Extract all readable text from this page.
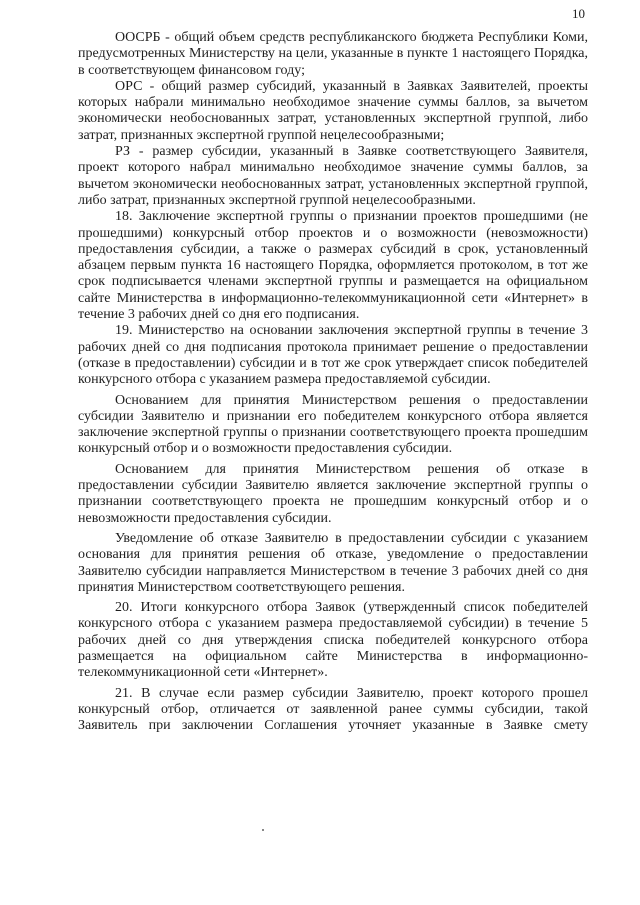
10

ООСРБ - общий объем средств республиканского бюджета Республики Коми, предусмотренных Министерству на цели, указанные в пункте 1 настоящего Порядка, в соответствующем финансовом году;

ОРС - общий размер субсидий, указанный в Заявках Заявителей, проекты которых набрали минимально необходимое значение суммы баллов, за вычетом экономически необоснованных затрат, установленных экспертной группой, либо затрат, признанных экспертной группой нецелесообразными;

РЗ - размер субсидии, указанный в Заявке соответствующего Заявителя, проект которого набрал минимально необходимое значение суммы баллов, за вычетом экономически необоснованных затрат, установленных экспертной группой, либо затрат, признанных экспертной группой нецелесообразными.

18. Заключение экспертной группы о признании проектов прошедшими (не прошедшими) конкурсный отбор проектов и о возможности (невозможности) предоставления субсидии, а также о размерах субсидий в срок, установленный абзацем первым пункта 16 настоящего Порядка, оформляется протоколом, в тот же срок подписывается членами экспертной группы и размещается на официальном сайте Министерства в информационно-телекоммуникационной сети «Интернет» в течение 3 рабочих дней со дня его подписания.

19. Министерство на основании заключения экспертной группы в течение 3 рабочих дней со дня подписания протокола принимает решение о предоставлении (отказе в предоставлении) субсидии и в тот же срок утверждает список победителей конкурсного отбора с указанием размера предоставляемой субсидии.

Основанием для принятия Министерством решения о предоставлении субсидии Заявителю и признании его победителем конкурсного отбора является заключение экспертной группы о признании соответствующего проекта прошедшим конкурсный отбор и о возможности предоставления субсидии.

Основанием для принятия Министерством решения об отказе в предоставлении субсидии Заявителю является заключение экспертной группы о признании соответствующего проекта не прошедшим конкурсный отбор и о невозможности предоставления субсидии.

Уведомление об отказе Заявителю в предоставлении субсидии с указанием основания для принятия решения об отказе, уведомление о предоставлении Заявителю субсидии направляется Министерством в течение 3 рабочих дней со дня принятия Министерством соответствующего решения.

20. Итоги конкурсного отбора Заявок (утвержденный список победителей конкурсного отбора с указанием размера предоставляемой субсидии) в течение 5 рабочих дней со дня утверждения списка победителей конкурсного отбора размещается на официальном сайте Министерства в информационно-телекоммуникационной сети «Интернет».

21. В случае если размер субсидии Заявителю, проект которого прошел конкурсный отбор, отличается от заявленной ранее суммы субсидии, такой Заявитель при заключении Соглашения уточняет указанные в Заявке смету
